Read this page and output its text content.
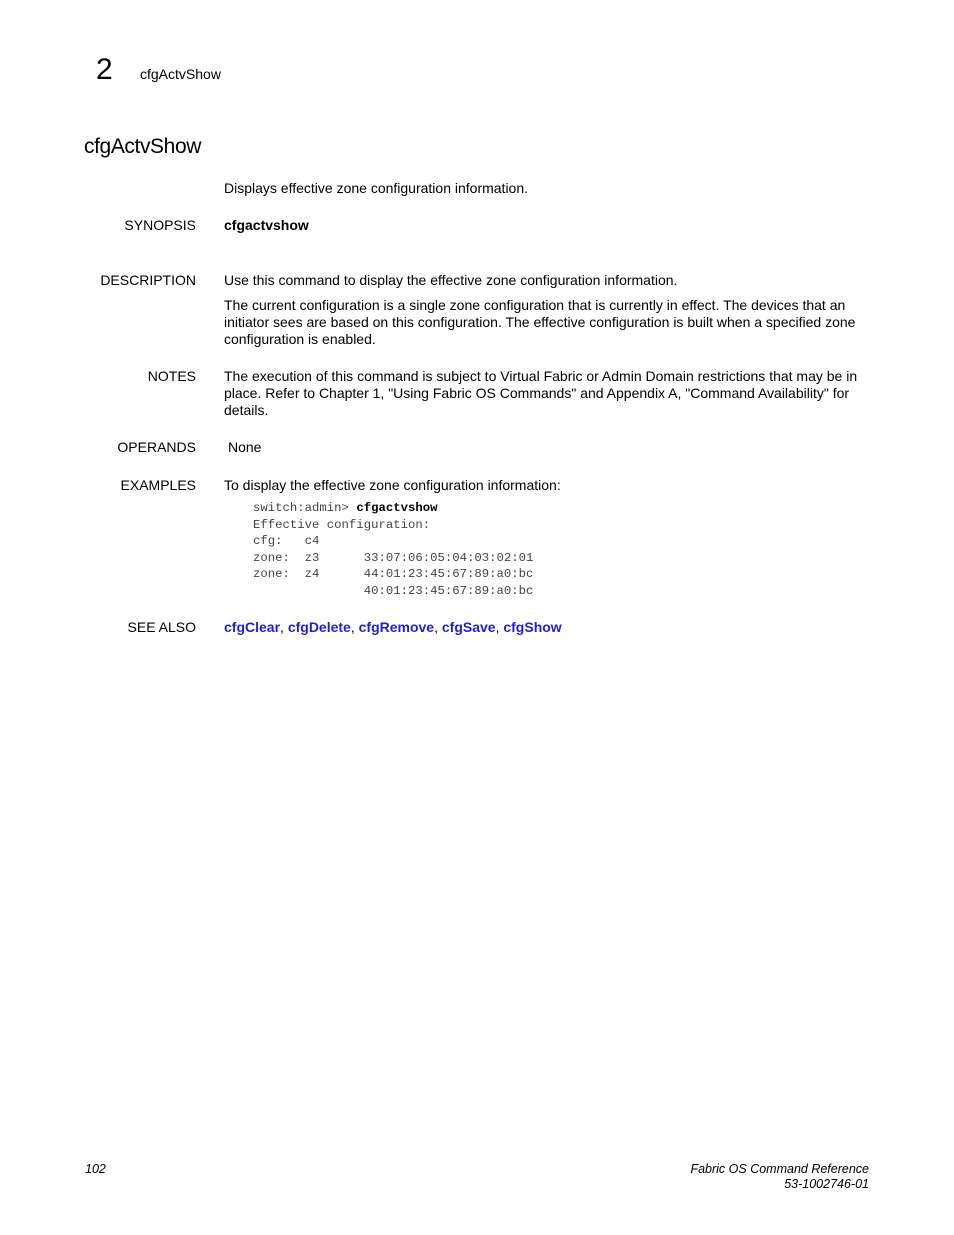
2 cfgActvShow
cfgActvShow
Displays effective zone configuration information.
SYNOPSIS cfgactvshow
DESCRIPTION Use this command to display the effective zone configuration information.
The current configuration is a single zone configuration that is currently in effect. The devices that an initiator sees are based on this configuration. The effective configuration is built when a specified zone configuration is enabled.
NOTES The execution of this command is subject to Virtual Fabric or Admin Domain restrictions that may be in place. Refer to Chapter 1, "Using Fabric OS Commands" and Appendix A, "Command Availability" for details.
OPERANDS None
EXAMPLES To display the effective zone configuration information:
switch:admin> cfgactvshow
Effective configuration:
cfg:   c4
zone:  z3      33:07:06:05:04:03:02:01
zone:  z4      44:01:23:45:67:89:a0:bc
40:01:23:45:67:89:a0:bc
SEE ALSO cfgClear, cfgDelete, cfgRemove, cfgSave, cfgShow
102	Fabric OS Command Reference
53-1002746-01
